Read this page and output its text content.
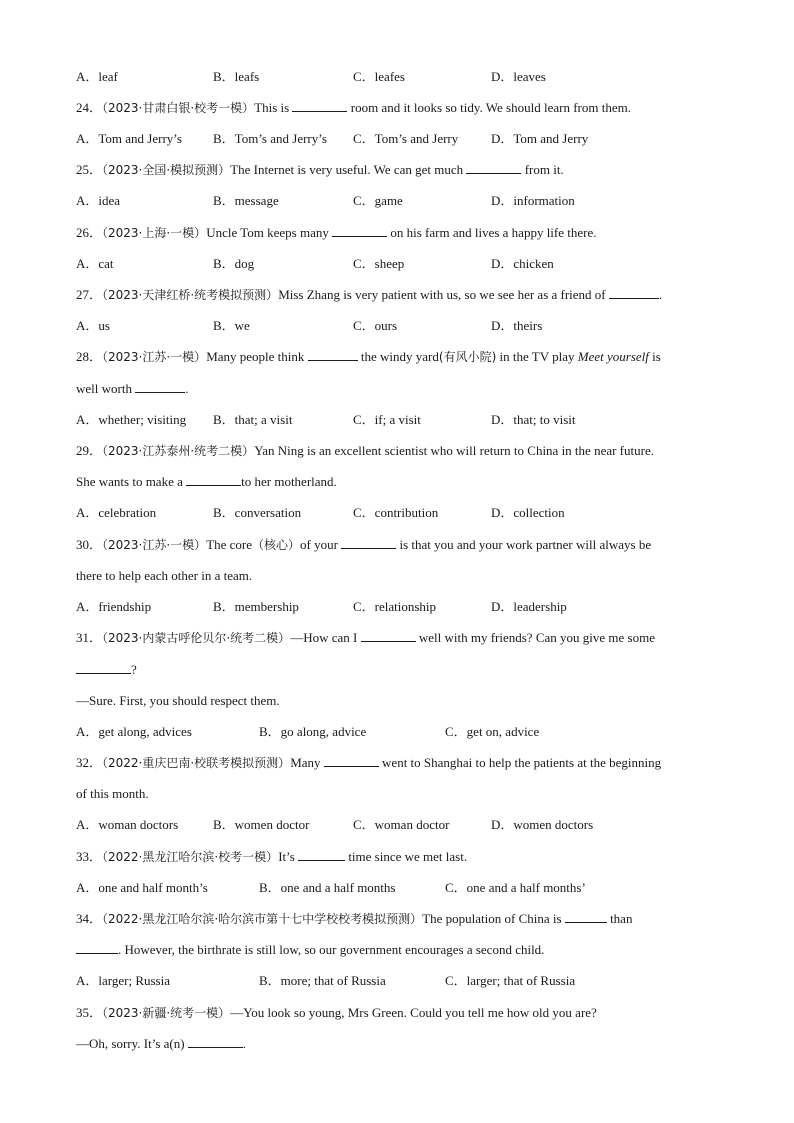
A．leaf	B．leafs	C．leafes	D．leaves
24．（2023·甘肃白银·校考一模）This is	room and it looks so tidy. We should learn from them.
A．Tom and Jerry’s B．Tom’s and Jerry’s C．Tom’s and Jerry	D．Tom and Jerry
25．（2023·全国·模拟预测）The Internet is very useful. We can get much	from it.
A．idea	B．message	C．game	D．information
26．（2023·上海·一模）Uncle Tom keeps many	on his farm and lives a happy life there.
A．cat	B．dog	C．sheep	D．chicken
27．（2023·天津红桥·统考模拟预测）Miss Zhang is very patient with us, so we see her as a friend of	.
A．us	B．we	C．ours	D．theirs
28．（2023·江苏·一模）Many people think	the windy yard(有风小院) in the TV play Meet yourself is
well worth	.
A．whether; visiting B．that; a visit	C．if; a visit	D．that; to visit
29．（2023·江苏泰州·统考二模）Yan Ning is an excellent scientist who will return to China in the near future.
She wants to make a	to her motherland.
A．celebration	B．conversation	C．contribution	D．collection
30．（2023·江苏·一模）The core（核心）of your	is that you and your work partner will always be
there to help each other in a team.
A．friendship	B．membership	C．relationship	D．leadership
31．（2023·内蒙古呼伦贝尔·统考二模）—How can I	well with my friends? Can you give me some
?
—Sure. First, you should respect them.
A．get along, advices	B．go along, advice	C．get on, advice
32．（2022·重庆巴南·校联考模拟预测）Many	went to Shanghai to help the patients at the beginning
of this month.
A．woman doctors	B．women doctor	C．woman doctor	D．women doctors
33．（2022·黑龙江哈尔滨·校考一模）It’s	time since we met last.
A．one and half month’s	B．one and a half months	C．one and a half months’
34．（2022·黑龙江哈尔滨·哈尔滨市第十七中学校校考模拟预测）The population of China is	than
. However, the birthrate is still low, so our government encourages a second child.
A．larger; Russia	B．more; that of Russia	C．larger; that of Russia
35．（2023·新疆·统考一模）—You look so young, Mrs Green. Could you tell me how old you are?
—Oh, sorry. It’s a(n)	.
